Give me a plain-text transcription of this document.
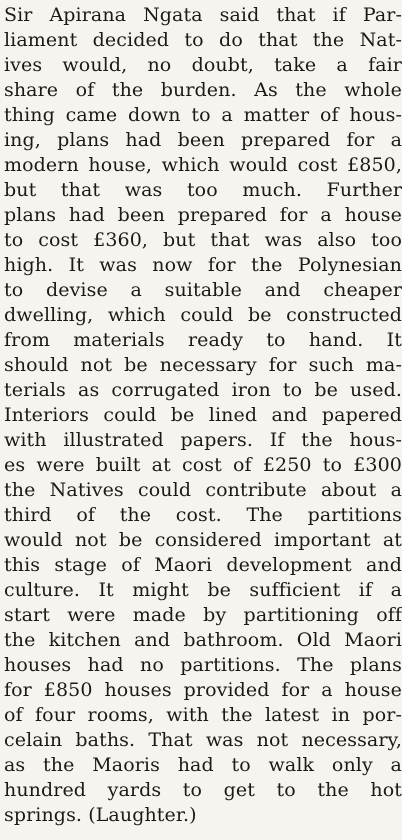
Sir Apirana Ngata said that if Par-
liament decided to do that the Nat-
ives would, no doubt, take a fair
share of the burden. As the whole
thing came down to a matter of hous-
ing, plans had been prepared for a
modern house, which would cost £850,
but that was too much. Further
plans had been prepared for a house
to cost £360, but that was also too
high. It was now for the Polynesian
to devise a suitable and cheaper
dwelling, which could be constructed
from materials ready to hand. It
should not be necessary for such ma-
terials as corrugated iron to be used.
Interiors could be lined and papered
with illustrated papers. If the hous-
es were built at cost of £250 to £300
the Natives could contribute about a
third of the cost. The partitions
would not be considered important at
this stage of Maori development and
culture. It might be sufficient if a
start were made by partitioning off
the kitchen and bathroom. Old Maori
houses had no partitions. The plans
for £850 houses provided for a house
of four rooms, with the latest in por-
celain baths. That was not necessary,
as the Maoris had to walk only a
hundred yards to get to the hot
springs. (Laughter.)
